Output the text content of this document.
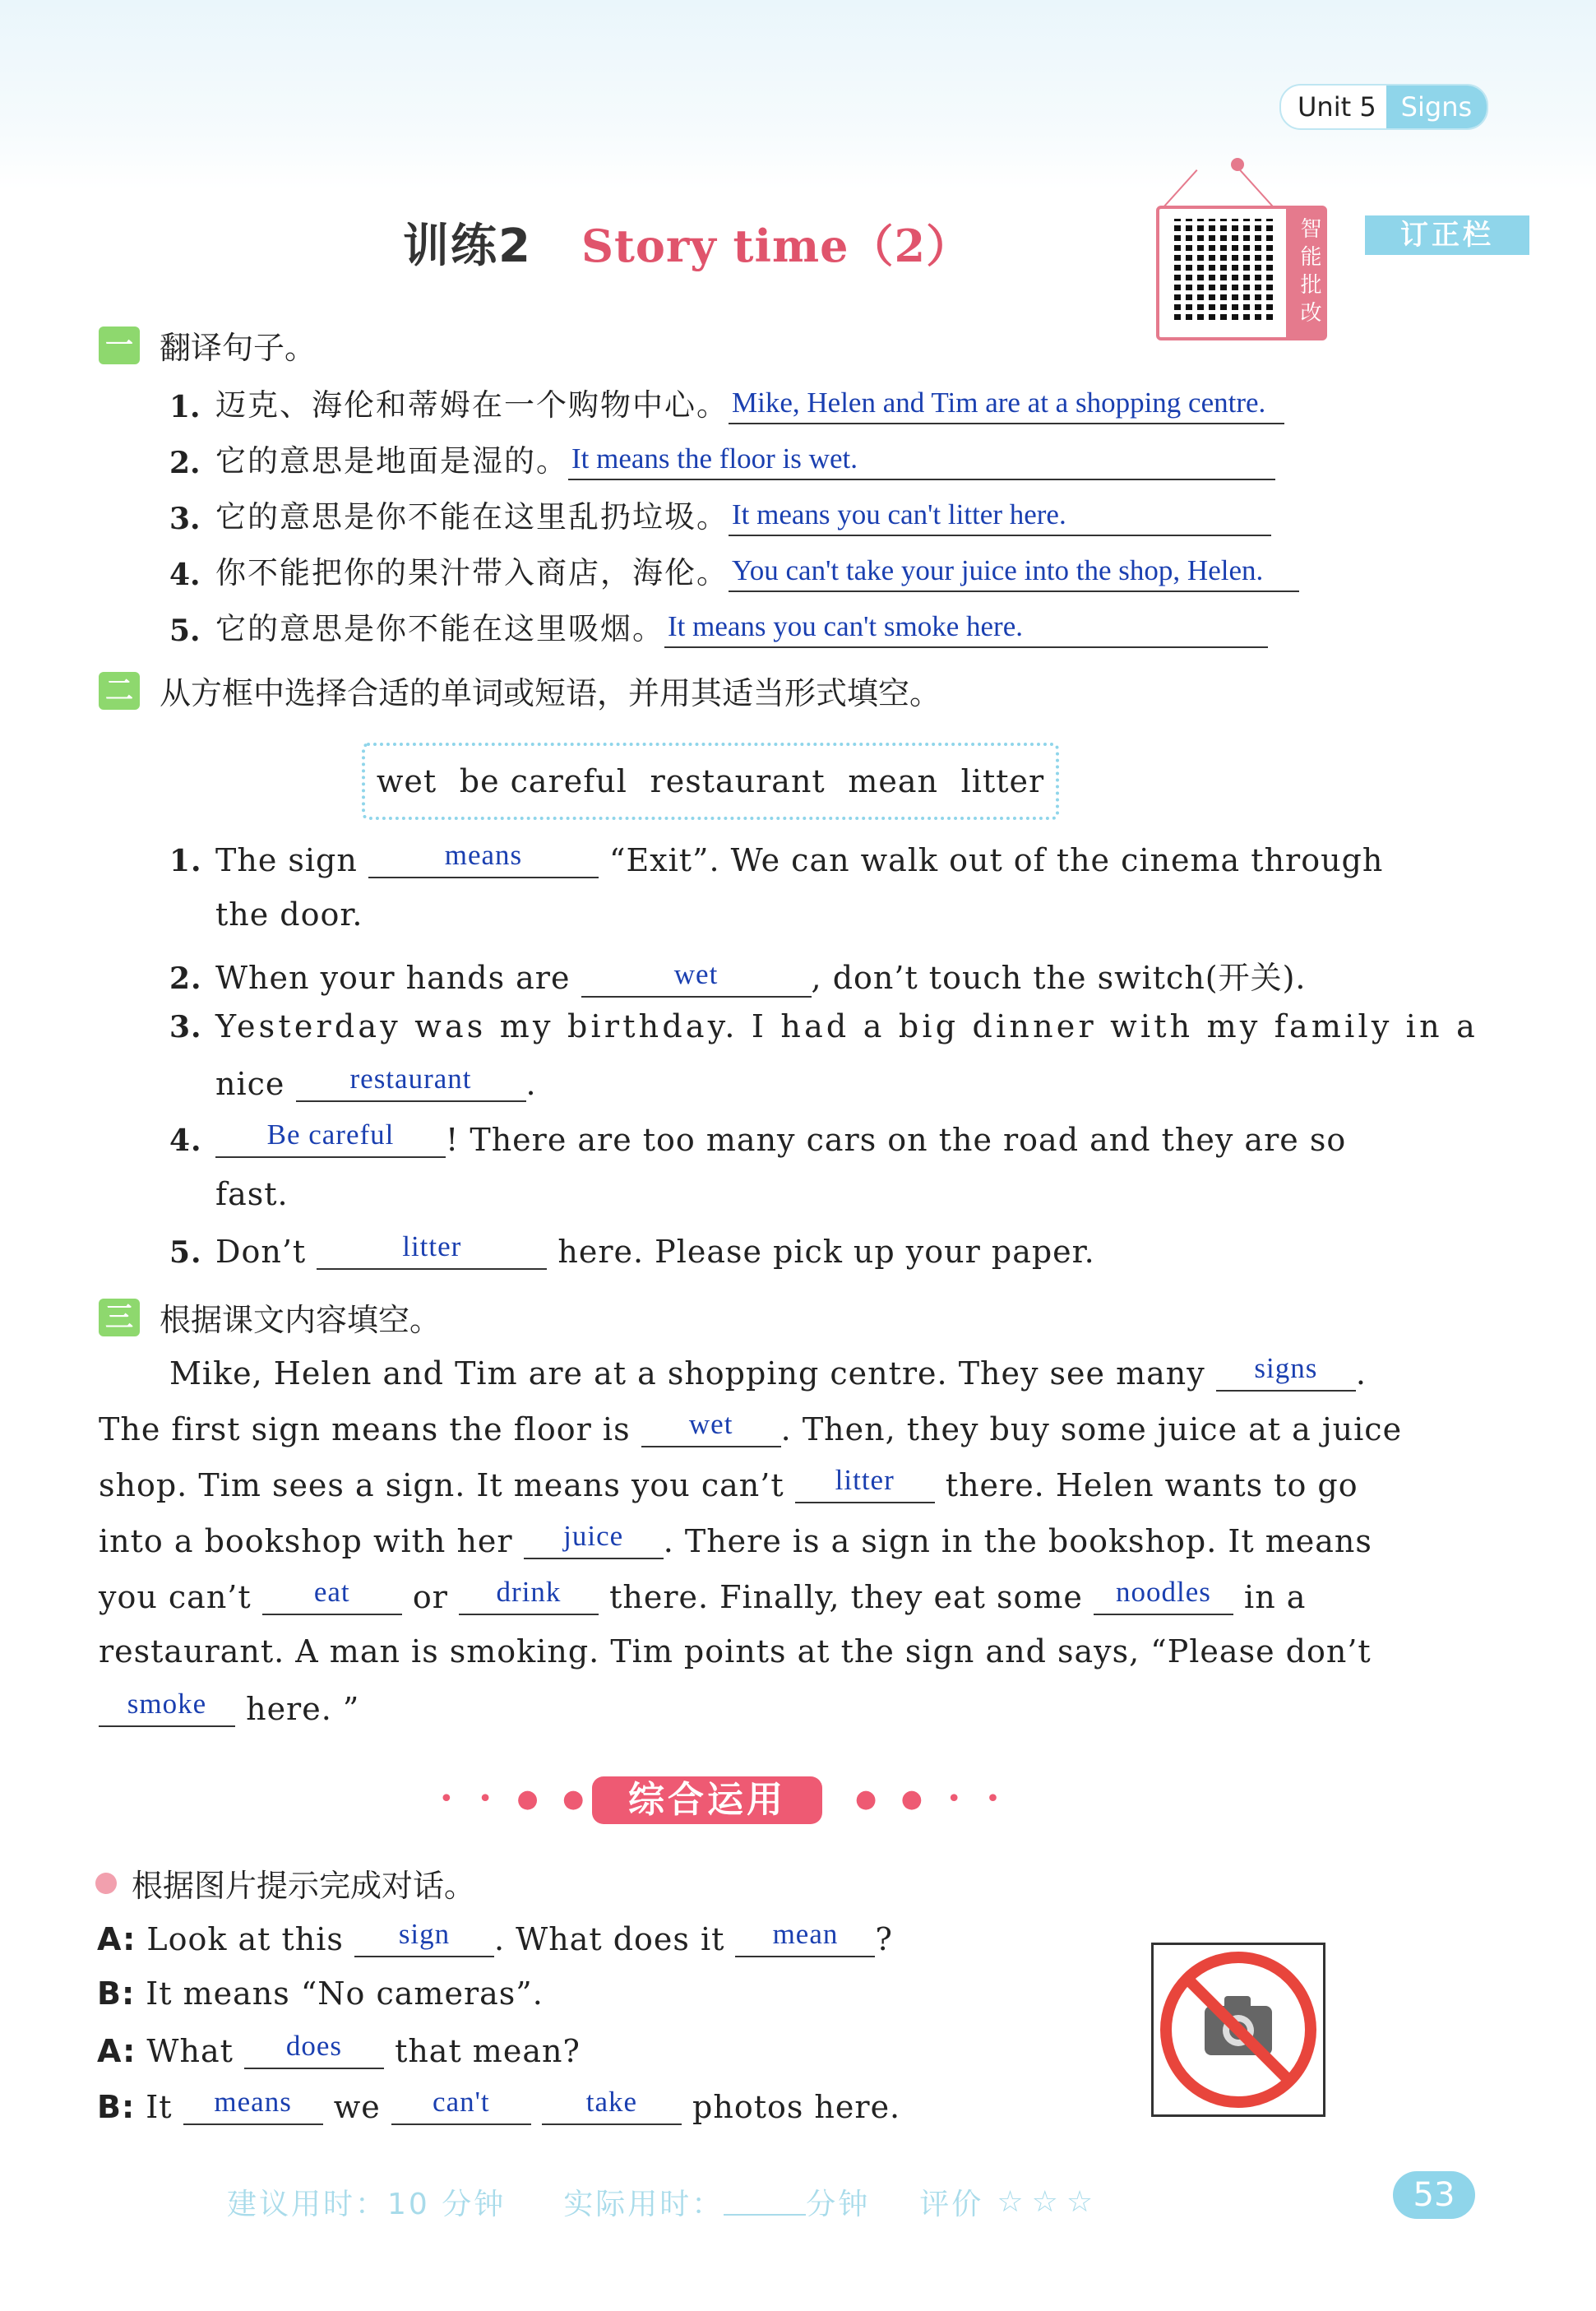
Unit 5 Signs
训练2 Story time（2）	智能批改	订正栏
一 翻译句子。
1. 迈克、海伦和蒂姆在一个购物中心。 Mike, Helen and Tim are at a shopping centre.
2. 它的意思是地面是湿的。 It means the floor is wet.
3. 它的意思是你不能在这里乱扔垃圾。 It means you can't litter here.
4. 你不能把你的果汁带入商店，海伦。 You can't take your juice into the shop, Helen.
5. 它的意思是你不能在这里吸烟。 It means you can't smoke here.
二 从方框中选择合适的单词或短语，并用其适当形式填空。
wet be careful restaurant mean litter
1. The sign	means	“Exit”. We can walk out of the cinema through
the door.
2. When your hands are	wet	, don’t touch the switch(开关).
3. Yesterday was my birthday. I had a big dinner with my family in a
nice	restaurant	.
4.	Be careful	! There are too many cars on the road and they are so
fast.
5. Don’t	litter	here. Please pick up your paper.
三 根据课文内容填空。
Mike, Helen and Tim are at a shopping centre. They see many	signs	.
The first sign means the floor is	wet	. Then, they buy some juice at a juice
shop. Tim sees a sign. It means you can’t	litter	there. Helen wants to go
into a bookshop with her	juice	. There is a sign in the bookshop. It means
you can’t	eat	or	drink	there. Finally, they eat some	noodles	in a
restaurant. A man is smoking. Tim points at the sign and says, “Please don’t
smoke	here. ”
• • ● ● 综合运用	● ● • •
根据图片提示完成对话。
A: Look at this	sign	. What does it	mean	?
B: It means “No cameras”.
A: What	does	that mean?
B: It	means	we	can't
	take	photos here.
建议用时：10 分钟 实际用时：	分钟 评价 ☆☆☆	53
